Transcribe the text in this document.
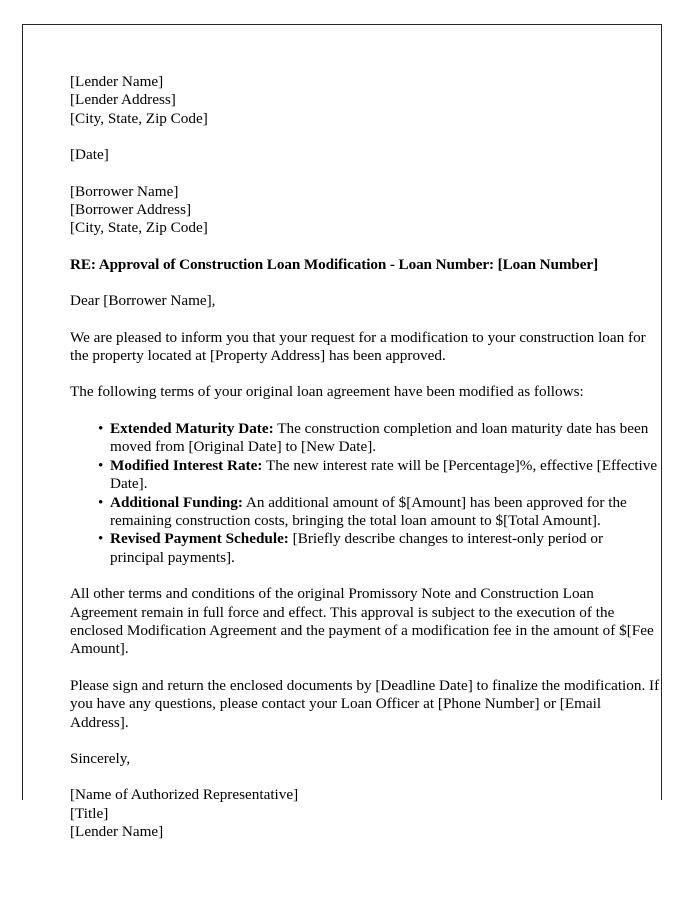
[Lender Name]
[Lender Address]
[City, State, Zip Code]
[Date]
[Borrower Name]
[Borrower Address]
[City, State, Zip Code]
RE: Approval of Construction Loan Modification - Loan Number: [Loan Number]
Dear [Borrower Name],
We are pleased to inform you that your request for a modification to your construction loan for the property located at [Property Address] has been approved.
The following terms of your original loan agreement have been modified as follows:
• Extended Maturity Date: The construction completion and loan maturity date has been moved from [Original Date] to [New Date].
• Modified Interest Rate: The new interest rate will be [Percentage]%, effective [Effective Date].
• Additional Funding: An additional amount of $[Amount] has been approved for the remaining construction costs, bringing the total loan amount to $[Total Amount].
• Revised Payment Schedule: [Briefly describe changes to interest-only period or principal payments].
All other terms and conditions of the original Promissory Note and Construction Loan Agreement remain in full force and effect. This approval is subject to the execution of the enclosed Modification Agreement and the payment of a modification fee in the amount of $[Fee Amount].
Please sign and return the enclosed documents by [Deadline Date] to finalize the modification. If you have any questions, please contact your Loan Officer at [Phone Number] or [Email Address].
Sincerely,
[Name of Authorized Representative]
[Title]
[Lender Name]
